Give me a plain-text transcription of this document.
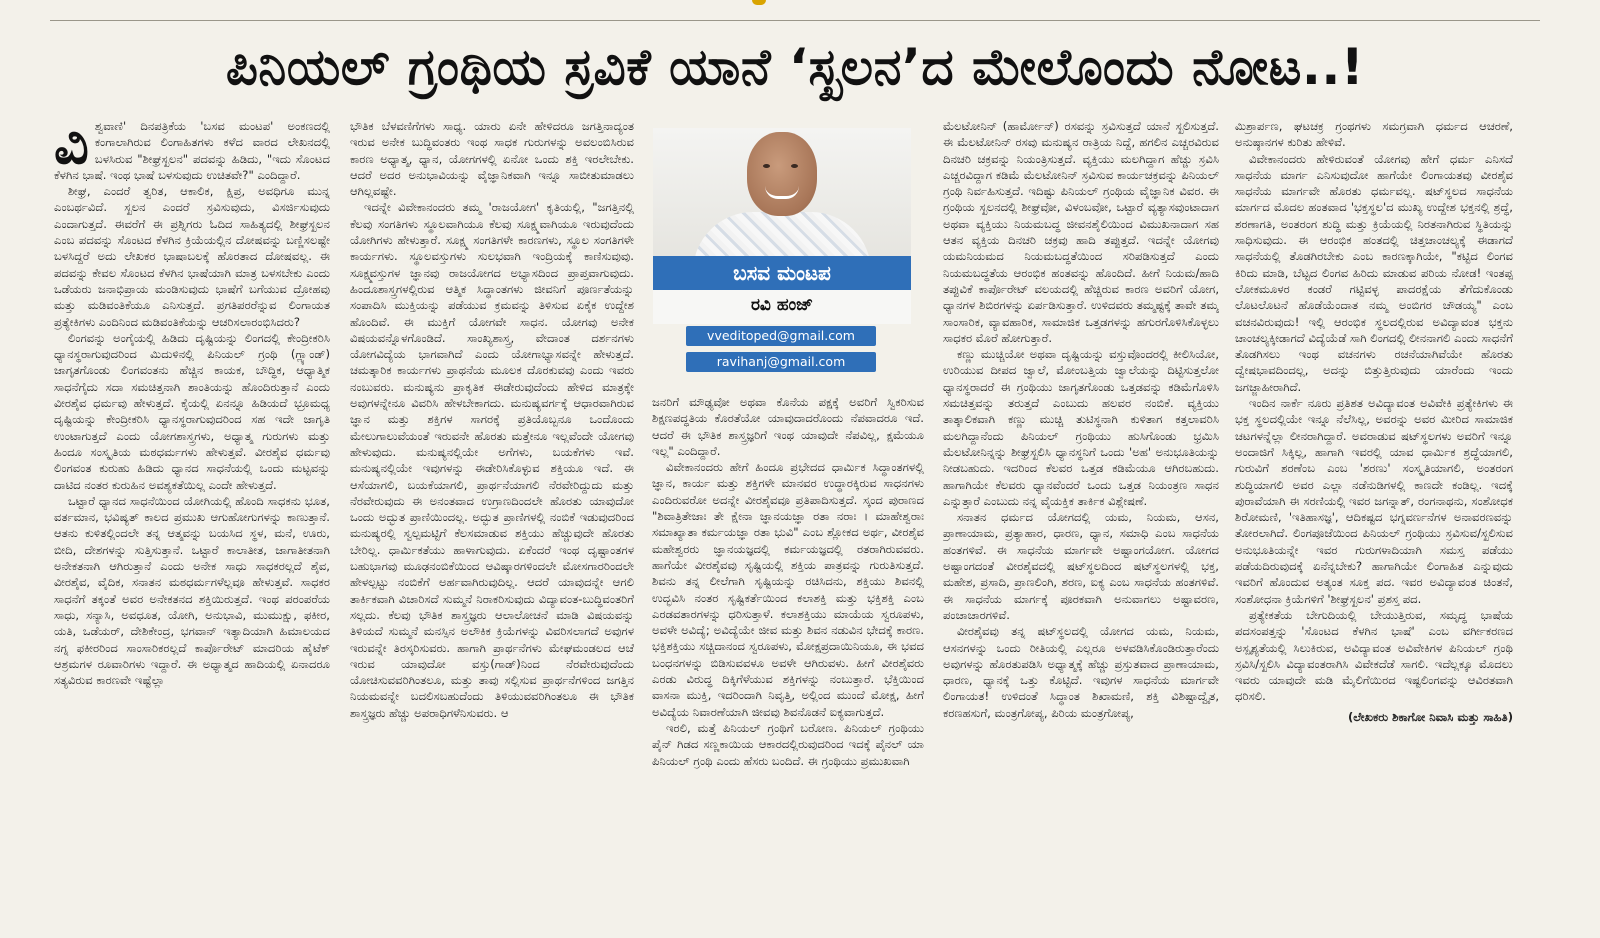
ಪಿನಿಯಲ್ ಗ್ರಂಥಿಯ ಸ್ರವಿಕೆ ಯಾನೆ ‘ಸ್ಖಲನ’ದ ಮೇಲೊಂದು ನೋಟ..!

ವಿಶ್ವವಾಣಿ' ದಿನಪತ್ರಿಕೆಯ 'ಬಸವ ಮಂಟಪ' ಅಂಕಣದಲ್ಲಿ ಕಂಗಾಲಾಗಿರುವ ಲಿಂಗಾಹಿತಗಳು ಕಳೆದ ವಾರದ ಲೇಖನದಲ್ಲಿ ಬಳಸಿರುವ "ಶೀಘ್ರಸ್ಖಲನ" ಪದವನ್ನು ಹಿಡಿದು, "ಇದು ಸೊಂಟದ ಕೆಳಗಿನ ಭಾಷೆ. ಇಂಥ ಭಾಷೆ ಬಳಸುವುದು ಉಚಿತವೇ?" ಎಂದಿದ್ದಾರೆ.

ಶೀಘ್ರ, ಎಂದರೆ ತ್ವರಿತ, ಆಕಾಲಿಕ, ಕ್ಷಿಪ್ರ, ಅವಧಿಗೂ ಮುನ್ನ ಎಂಬರ್ಥವಿದೆ. ಸ್ಖಲನ ಎಂದರೆ ಸ್ರವಿಸುವುದು, ವಿಸರ್ಜಿಸುವುದು ಎಂದಾಗುತ್ತದೆ. ಈವರೆಗೆ ಈ ಪ್ರಶ್ನಿಗರು ಓದಿದ ಸಾಹಿತ್ಯದಲ್ಲಿ ಶೀಘ್ರಸ್ಖಲನ ಎಂಬ ಪದವನ್ನು ಸೊಂಟದ ಕೆಳಗಿನ ಕ್ರಿಯೆಯಲ್ಲಿನ ದೋಷವನ್ನು ಬಣ್ಣಿಸಲಷ್ಟೇ ಬಳಸಿದ್ದರೆ ಅದು ಲೇಖಕರ ಭಾಷಾಬಲಕ್ಕೆ ಹೊರತಾದ ದೋಷವಲ್ಲ. ಈ ಪದವನ್ನು ಕೇವಲ ಸೊಂಟದ ಕೆಳಗಿನ ಭಾಷೆಯಾಗಿ ಮಾತ್ರ ಬಳಸಬೇಕು ಎಂದು ಒಡೆಯರು ಜನಾಭಿಪ್ರಾಯ ಮಂಡಿಸುವುದು ಭಾಷೆಗೆ ಬಗೆಯುವ ದ್ರೋಹವು ಮತ್ತು ಮಡಿವಂತಿಕೆಯೂ ಎನಿಸುತ್ತದೆ. ಪ್ರಗತಿಪರರೆನ್ನುವ ಲಿಂಗಾಯತ ಪ್ರತ್ಯೇಕಿಗಳು ಎಂದಿನಿಂದ ಮಡಿವಂತಿಕೆಯನ್ನು ಆಚರಿಸಲಾರಂಭಿಸಿದರು?

ಲಿಂಗವನ್ನು ಅಂಗೈಯಲ್ಲಿ ಹಿಡಿದು ದೃಷ್ಟಿಯನ್ನು ಲಿಂಗದಲ್ಲಿ ಕೇಂದ್ರೀಕರಿಸಿ ಧ್ಯಾನಸ್ಥರಾಗುವುದರಿಂದ ಮಿದುಳಿನಲ್ಲಿ ಪಿನಿಯಲ್ ಗ್ರಂಥಿ (ಗ್ಲ್ಯಾಂಡ್) ಜಾಗೃತಗೊಂಡು ಲಿಂಗವಂತನು ಹೆಚ್ಚಿನ ಕಾಯಕ, ಬೌದ್ಧಿಕ, ಆಧ್ಯಾತ್ಮಿಕ ಸಾಧನೆಗೈದು ಸದಾ ಸಮಚಿತ್ತನಾಗಿ ಶಾಂತಿಯನ್ನು ಹೊಂದಿರುತ್ತಾನೆ ಎಂದು ವೀರಶೈವ ಧರ್ಮವು ಹೇಳುತ್ತದೆ. ಕೈಯಲ್ಲಿ ಏನನ್ನೂ ಹಿಡಿಯದೆ ಭ್ರೂಮಧ್ಯ ದೃಷ್ಟಿಯನ್ನು ಕೇಂದ್ರೀಕರಿಸಿ ಧ್ಯಾನಸ್ಥರಾಗುವುದರಿಂದ ಸಹ ಇದೇ ಜಾಗೃತಿ ಉಂಟಾಗುತ್ತದೆ ಎಂದು ಯೋಗಶಾಸ್ತ್ರಗಳು, ಅಧ್ಯಾತ್ಮ ಗುರುಗಳು ಮತ್ತು ಹಿಂದೂ ಸಂಸ್ಕೃತಿಯ ಮಠಧರ್ಮಗಳು ಹೇಳುತ್ತವೆ. ವೀರಶೈವ ಧರ್ಮವು ಲಿಂಗವಂತ ಕುರುಹು ಹಿಡಿದು ಧ್ಯಾನದ ಸಾಧನೆಯಲ್ಲಿ ಒಂದು ಮಟ್ಟವನ್ನು ದಾಟಿದ ನಂತರ ಕುರುಹಿನ ಅವಶ್ಯಕತೆಯಿಲ್ಲ ಎಂದೇ ಹೇಳುತ್ತದೆ.

ಒಟ್ಟಾರೆ ಧ್ಯಾನದ ಸಾಧನೆಯಿಂದ ಯೋಗಿಯಲ್ಲಿ ಹೊಂದಿ ಸಾಧಕನು ಭೂತ, ವರ್ತಮಾನ, ಭವಿಷ್ಯತ್ ಕಾಲದ ಪ್ರಮುಖ ಆಗುಹೋಗುಗಳನ್ನು ಕಾಣುತ್ತಾನೆ. ಆತನು ಕುಳಿತಲ್ಲಿಂದಲೇ ತನ್ನ ಆತ್ಮವನ್ನು ಬಯಸಿದ ಸ್ಥಳ, ಮನೆ, ಊರು, ಬೀದಿ, ದೇಶಗಳನ್ನು ಸುತ್ತಿಸುತ್ತಾನೆ. ಒಟ್ಟಾರೆ ಕಾಲಾತೀತ, ಜಾಗಾತೀತನಾಗಿ ಅನೇಕತನಾಗಿ ಆಗಿರುತ್ತಾನೆ ಎಂದು ಅನೇಕ ಸಾಧು ಸಾಧಕರಲ್ಲದೆ ಶೈವ, ವೀರಶೈವ, ವೈದಿಕ, ಸನಾತನ ಮಠಧರ್ಮಗಳೆಲ್ಲವೂ ಹೇಳುತ್ತವೆ. ಸಾಧಕರ ಸಾಧನೆಗೆ ತಕ್ಕಂತೆ ಅವರ ಅನೇಕತನದ ಶಕ್ತಿಯಿರುತ್ತದೆ. ಇಂಥ ಪರಂಪರೆಯ ಸಾಧು, ಸನ್ಯಾಸಿ, ಅವಧೂತ, ಯೋಗಿ, ಅನುಭಾವಿ, ಮುಮುಕ್ಷು, ಫಕೀರ, ಯತಿ, ಒಡೆಯರ್, ದೇಶಿಕೇಂದ್ರ, ಭಗವಾನ್ ಇತ್ಯಾದಿಯಾಗಿ ಹಿಮಾಲಯದ ನಗ್ನ ಫಕೀರರಿಂದ ಸಾಂಸಾರಿಕರಲ್ಲದೆ ಕಾರ್ಪೊರೇಟ್ ಮಾದರಿಯ ಹೈಟೆಕ್ ಆಶ್ರಮಗಳ ರೂವಾರಿಗಳು ಇದ್ದಾರೆ. ಈ ಅಧ್ಯಾತ್ಮದ ಹಾದಿಯಲ್ಲಿ ಏನಾದರೂ ಸತ್ಯವಿರುವ ಕಾರಣವೇ ಇಷ್ಟೆಲ್ಲಾ

ಭೌತಿಕ ಬೆಳವಣಿಗೆಗಳು ಸಾಧ್ಯ. ಯಾರು ಏನೇ ಹೇಳಿದರೂ ಜಗತ್ತಿನಾದ್ಯಂತ ಇರುವ ಅನೇಕ ಬುದ್ಧಿವಂತರು ಇಂಥ ಸಾಧಕ ಗುರುಗಳನ್ನು ಅವಲಂಬಿಸಿರುವ ಕಾರಣ ಅಧ್ಯಾತ್ಮ, ಧ್ಯಾನ, ಯೋಗಗಳಲ್ಲಿ ಏನೋ ಒಂದು ಶಕ್ತಿ ಇರಲೇಬೇಕು. ಆದರೆ ಅದರ ಅನುಭಾವಿಯನ್ನು ವೈಜ್ಞಾನಿಕವಾಗಿ ಇನ್ನೂ ಸಾಬೀತುಮಾಡಲು ಆಗಿಲ್ಲವಷ್ಟೇ.

ಇದನ್ನೇ ವಿವೇಕಾನಂದರು ತಮ್ಮ 'ರಾಜಯೋಗ' ಕೃತಿಯಲ್ಲಿ, "ಜಗತ್ತಿನಲ್ಲಿ ಕೆಲವು ಸಂಗತಿಗಳು ಸ್ಥೂಲವಾಗಿಯೂ ಕೆಲವು ಸೂಕ್ಷ್ಮವಾಗಿಯೂ ಇರುವುದೆಂದು ಯೋಗಿಗಳು ಹೇಳುತ್ತಾರೆ. ಸೂಕ್ಷ್ಮ ಸಂಗತಿಗಳೇ ಕಾರಣಗಳು, ಸ್ಥೂಲ ಸಂಗತಿಗಳೇ ಕಾರ್ಯಗಳು. ಸ್ಥೂಲವಸ್ತುಗಳು ಸುಲಭವಾಗಿ ಇಂದ್ರಿಯಕ್ಕೆ ಕಾಣಿಸುವುವು. ಸೂಕ್ಷ್ಮವಸ್ತುಗಳ ಜ್ಞಾನವು ರಾಜಯೋಗದ ಅಭ್ಯಾಸದಿಂದ ಪ್ರಾಪ್ತವಾಗುವುದು. ಹಿಂದೂಶಾಸ್ತ್ರಗಳಲ್ಲಿರುವ ಆತ್ಮಿಕ ಸಿದ್ಧಾಂತಗಳು ಜೀವನಿಗೆ ಪೂರ್ಣತೆಯನ್ನು ಸಂಪಾದಿಸಿ ಮುಕ್ತಿಯನ್ನು ಪಡೆಯುವ ಕ್ರಮವನ್ನು ತಿಳಿಸುವ ಏಕೈಕ ಉದ್ದೇಶ ಹೊಂದಿವೆ. ಈ ಮುಕ್ತಿಗೆ ಯೋಗವೇ ಸಾಧನ. ಯೋಗವು ಅನೇಕ ವಿಷಯವನ್ನೊಳಗೊಂಡಿದೆ. ಸಾಂಖ್ಯಶಾಸ್ತ್ರ, ವೇದಾಂತ ದರ್ಶನಗಳು ಯೋಗವಿದ್ಯೆಯ ಭಾಗವಾಗಿದೆ ಎಂದು ಯೋಗಾಭ್ಯಾಸವನ್ನೇ ಹೇಳುತ್ತದೆ. ಚಮತ್ಕಾರಿಕ ಕಾರ್ಯಗಳು ಪ್ರಾಥನೆಯ ಮೂಲಕ ದೊರಕುವವು ಎಂದು ಇವರು ನಂಬುವರು. ಮನುಷ್ಯನು ಪ್ರಾಕೃತಿಕ ಈಡೇರುವುದೆಂದು ಹೇಳಿದ ಮಾತ್ರಕ್ಕೇ ಅವುಗಳನ್ನೇನೂ ವಿವರಿಸಿ ಹೇಳಬೇಕಾಗದು. ಮನುಷ್ಯವರ್ಗಕ್ಕೆ ಆಧಾರವಾಗಿರುವ ಜ್ಞಾನ ಮತ್ತು ಶಕ್ತಿಗಳ ಸಾಗರಕ್ಕೆ ಪ್ರತಿಯೊಬ್ಬನೂ ಒಂದೊಂದು ಮೇಲುಗಾಲುವೆಯಂತೆ ಇರುವನೇ ಹೊರತು ಮತ್ತೇನೂ ಇಲ್ಲವೆಂದೇ ಯೋಗವು ಹೇಳುವುದು. ಮನುಷ್ಯನಲ್ಲಿಯೇ ಅಗೆಗಳು, ಬಯಕೆಗಳು ಇವೆ. ಮನುಷ್ಯನಲ್ಲಿಯೇ ಇವುಗಳನ್ನು ಈಡೇರಿಸಿಕೊಳ್ಳುವ ಶಕ್ತಿಯೂ ಇದೆ. ಈ ಆಸೆಯಾಗಲಿ, ಬಯಕೆಯಾಗಲಿ, ಪ್ರಾರ್ಥನೆಯಾಗಲಿ ನೆರವೇರಿದ್ದುದು ಮತ್ತು ನೆರವೇರುವುದು ಈ ಅನಂತವಾದ ಉಗ್ರಾಣದಿಂದಲೇ ಹೊರತು ಯಾವುದೋ ಒಂದು ಅದ್ಭುತ ಪ್ರಾಣಿಯಿಂದಲ್ಲ. ಅದ್ಭುತ ಪ್ರಾಣಿಗಳಲ್ಲಿ ನಂಬಿಕೆ ಇಡುವುದರಿಂದ ಮನುಷ್ಯರಲ್ಲಿ ಸ್ವಲ್ಪಮಟ್ಟಿಗೆ ಕೆಲಸಮಾಡುವ ಶಕ್ತಿಯು ಹೆಚ್ಚುವುದೇ ಹೊರತು ಬೇರಿಲ್ಲ. ಧಾರ್ಮಿಕತೆಯು ಹಾಳಾಗುವುದು. ಏಕೆಂದರೆ ಇಂಥ ದೃಷ್ಟಾಂತಗಳ ಬಹುಭಾಗವು ಮೂಢನಂಬಿಕೆಯಿಂದ ಆವಿಷ್ಕಾರಗಳಿಂದಲೇ ಮೋಸಗಾರರಿಂದಲೇ ಹೇಳಲ್ಪಟ್ಟು ನಂಬಿಕೆಗೆ ಅರ್ಹವಾಗಿರುವುದಿಲ್ಲ. ಆದರೆ ಯಾವುದನ್ನೇ ಆಗಲಿ ತಾರ್ಕಿಕವಾಗಿ ವಿಚಾರಿಸದೆ ಸುಮ್ಮನೆ ನಿರಾಕರಿಸುವುದು ವಿದ್ಯಾವಂತ-ಬುದ್ಧಿವಂತರಿಗೆ ಸಲ್ಲದು. ಕೆಲವು ಭೌತಿಕ ಶಾಸ್ತ್ರಜ್ಞರು ಆಲಾಲೋಚನೆ ಮಾಡಿ ವಿಷಯವನ್ನು ತಿಳಿಯದೆ ಸುಮ್ಮನೆ ಮನಸ್ಸಿನ ಅಲೌಕಿಕ ಕ್ರಿಯೆಗಳನ್ನು ವಿವರಿಸಲಾಗದೆ ಅವುಗಳ ಇರುವನ್ನೇ ತಿರಸ್ಕರಿಸುವರು. ಹಾಗಾಗಿ ಪ್ರಾರ್ಥನೆಗಳು ಮೇಘಮಂಡಲದ ಆಚೆ ಇರುವ ಯಾವುದೋ ವಸ್ತು(ಗಾಡ್)ನಿಂದ ನೆರವೇರುವುದೆಂದು ಯೋಚಿಸುವವರಿಗಿಂತಲೂ, ಮತ್ತು ತಾವು ಸಲ್ಲಿಸುವ ಪ್ರಾರ್ಥನೆಗಳಿಂದ ಜಗತ್ತಿನ ನಿಯಮವನ್ನೇ ಬದಲಿಸಬಹುದೆಂದು ತಿಳಿಯುವವರಿಗಿಂತಲೂ ಈ ಭೌತಿಕ ಶಾಸ್ತ್ರಜ್ಞರು ಹೆಚ್ಚು ಅಪರಾಧಿಗಳೆನಿಸುವರು. ಆ

ಬಸವ ಮಂಟಪ
ರವಿ ಹಂಜ್
vveditoped@gmail.com
ravihanj@gmail.com

ಜನರಿಗೆ ಮೌಢ್ಯವೋ ಅಥವಾ ಕೊನೆಯ ಪಕ್ಷಕ್ಕೆ ಅವರಿಗೆ ಸ್ವಿಕರಿಸುವ ಶಿಕ್ಷಣಪದ್ಧತಿಯ ಕೊರತೆಯೋ ಯಾವುದಾದರೊಂದು ನೆಪವಾದರೂ ಇದೆ. ಆದರೆ ಈ ಭೌತಿಕ ಶಾಸ್ತ್ರಜ್ಞರಿಗೆ ಇಂಥ ಯಾವುದೇ ನೆಪವಿಲ್ಲ, ಕ್ಷಮೆಯೂ ಇಲ್ಲ" ಎಂದಿದ್ದಾರೆ.

ವಿವೇಕಾನಂದರು ಹೇಗೆ ಹಿಂದೂ ಪ್ರಭೇದದ ಧಾರ್ಮಿಕ ಸಿದ್ಧಾಂತಗಳಲ್ಲಿ ಜ್ಞಾನ, ಕಾರ್ಯ ಮತ್ತು ಶಕ್ತಿಗಳೇ ಮಾನವರ ಉದ್ಧಾರಕ್ಕಿರುವ ಸಾಧನಗಳು ಎಂದಿರುವರೋ ಅದನ್ನೇ ವೀರಶೈವವೂ ಪ್ರತಿಪಾದಿಸುತ್ತದೆ. ಸ್ಕಂದ ಪುರಾಣದ "ಶಿವಾತ್ರಿತೇಜಾಃ ತೇ ಕ್ಷೇನಾ ಜ್ಞಾನಯಜ್ಞಾ ರತಾ ನರಾಃ । ಮಾಹೇಶ್ವರಾಃ ಸಮಾಖ್ಯಾತಾ ಕರ್ಮಯಜ್ಞಾ ರತಾ ಭುವಿ" ಎಂಬ ಶ್ಲೋಕದ ಅರ್ಥ, ವೀರಶೈವ ಮಹೇಶ್ವರರು ಜ್ಞಾನಯಜ್ಞದಲ್ಲಿ ಕರ್ಮಯಜ್ಞದಲ್ಲಿ ರತರಾಗಿರುವವರು. ಹಾಗೆಯೇ ವೀರಶೈವವು ಸೃಷ್ಟಿಯಲ್ಲಿ ಶಕ್ತಿಯ ಪಾತ್ರವನ್ನು ಗುರುತಿಸುತ್ತದೆ. ಶಿವನು ತನ್ನ ಲೀಲೆಗಾಗಿ ಸೃಷ್ಟಿಯನ್ನು ರಚಿಸಿದನು, ಶಕ್ತಿಯು ಶಿವನಲ್ಲಿ ಉದ್ಭವಿಸಿ ನಂತರ ಸೃಷ್ಟಿಕರ್ತೆಯಿಂದ ಕಲಾಶಕ್ತಿ ಮತ್ತು ಭಕ್ತಿಶಕ್ತಿ ಎಂಬ ಎರಡವತಾರಗಳನ್ನು ಧರಿಸುತ್ತಾಳೆ. ಕಲಾಶಕ್ತಿಯು ಮಾಯೆಯ ಸ್ವರೂಪಳು, ಅವಳೇ ಅವಿದ್ಯೆ; ಅವಿದ್ಯೆಯೇ ಜೀವ ಮತ್ತು ಶಿವನ ನಡುವಿನ ಭೇದಕ್ಕೆ ಕಾರಣ. ಭಕ್ತಿಶಕ್ತಿಯು ಸಚ್ಚಿದಾನಂದ ಸ್ವರೂಪಳು, ಮೋಕ್ಷಪ್ರದಾಯಿನಿಯೂ, ಈ ಭವದ ಬಂಧನಗಳನ್ನು ಬಿಡಿಸುವವಳೂ ಅವಳೇ ಆಗಿರುವಳು. ಹೀಗೆ ವೀರಶೈವರು ಎರಡು ವಿರುದ್ಧ ದಿಕ್ಕಿಗೆಳೆಯುವ ಶಕ್ತಿಗಳನ್ನು ನಂಬುತ್ತಾರೆ. ಭೆಕ್ತಿಯಿಂದ ವಾಸನಾ ಮುಕ್ತಿ, ಇದರಿಂದಾಗಿ ನಿವೃತ್ತಿ, ಅಲ್ಲಿಂದ ಮುಂದೆ ಮೋಕ್ಷ, ಹೀಗೆ ಅವಿದ್ಯೆಯ ನಿವಾರಣೆಯಾಗಿ ಜೀವವು ಶಿವನೊಡನೆ ಐಕ್ಯವಾಗುತ್ತದೆ.

ಇರಲಿ, ಮತ್ತೆ ಪಿನಿಯಲ್ ಗ್ರಂಥಿಗೆ ಬರೋಣ. ಪಿನಿಯಲ್ ಗ್ರಂಥಿಯು ಪೈನ್ ಗಿಡದ ಸಣ್ಣಕಾಯಿಯ ಆಕಾರದಲ್ಲಿರುವುದರಿಂದ ಇದಕ್ಕೆ ಪೈನಲ್ ಯಾ ಪಿನಿಯಲ್ ಗ್ರಂಥಿ ಎಂದು ಹೆಸರು ಬಂದಿದೆ. ಈ ಗ್ರಂಥಿಯು ಪ್ರಮುಖವಾಗಿ

ಮೆಲಟೋನಿನ್ (ಹಾರ್ಮೋನ್) ರಸವನ್ನು ಸ್ರವಿಸುತ್ತದೆ ಯಾನೆ ಸ್ಖಲಿಸುತ್ತದೆ. ಈ ಮೆಲಟೋನಿನ್ ರಸವು ಮನುಷ್ಯನ ರಾತ್ರಿಯ ನಿದ್ದೆ, ಹಗಲಿನ ಎಚ್ಚರವಿರುವ ದಿನಚರಿ ಚಕ್ರವನ್ನು ನಿಯಂತ್ರಿಸುತ್ತದೆ. ವ್ಯಕ್ತಿಯು ಮಲಗಿದ್ದಾಗ ಹೆಚ್ಚು ಸ್ರವಿಸಿ ಎಚ್ಚರವಿದ್ದಾಗ ಕಡಿಮೆ ಮೆಲಟೋನಿನ್ ಸ್ರವಿಸುವ ಕಾರ್ಯಚಕ್ರವನ್ನು ಪಿನಿಯಲ್ ಗ್ರಂಥಿ ನಿರ್ವಹಿಸುತ್ತದೆ. ಇದಿಷ್ಟು ಪಿನಿಯಲ್ ಗ್ರಂಥಿಯ ವೈಜ್ಞಾನಿಕ ವಿವರ. ಈ ಗ್ರಂಥಿಯ ಸ್ಖಲನದಲ್ಲಿ ಶೀಘ್ರವೋ, ವಿಳಂಬವೋ, ಒಟ್ಟಾರೆ ವ್ಯತ್ಯಾಸವುಂಟಾದಾಗ ಅಥವಾ ವ್ಯಕ್ತಿಯು ನಿಯಮಬದ್ಧ ಜೀವನಶೈಲಿಯಿಂದ ವಿಮುಖನಾದಾಗ ಸಹ ಆತನ ವ್ಯಕ್ತಿಯ ದಿನಚರಿ ಚಕ್ರವು ಹಾದಿ ತಪ್ಪುತ್ತದೆ. ಇದನ್ನೇ ಯೋಗವು ಯಮನಿಯಮದ ನಿಯಮಬದ್ಧತೆಯಿಂದ ಸರಿಪಡಿಸುತ್ತದೆ ಎಂದು ನಿಯಮಬದ್ಧತೆಯ ಆರಂಭಿಕ ಹಂತವನ್ನು ಹೊಂದಿದೆ. ಹೀಗೆ ನಿಯಮ/ಹಾದಿ ತಪ್ಪುವಿಕೆ ಕಾರ್ಪೊರೇಟ್ ವಲಯದಲ್ಲಿ ಹೆಚ್ಚಿರುವ ಕಾರಣ ಅವರಿಗೆ ಯೋಗ, ಧ್ಯಾನಗಳ ಶಿಬಿರಗಳನ್ನು ಏರ್ಪಡಿಸುತ್ತಾರೆ. ಉಳಿದವರು ತಮ್ಮಷ್ಟಕ್ಕೆ ತಾವೇ ತಮ್ಮ ಸಾಂಸಾರಿಕ, ವ್ಯಾವಹಾರಿಕ, ಸಾಮಾಜಿಕ ಒತ್ತಡಗಳನ್ನು ಹಗುರಗೊಳಿಸಿಕೊಳ್ಳಲು ಸಾಧಕರ ಮೊರೆ ಹೋಗುತ್ತಾರೆ.

ಕಣ್ಣು ಮುಚ್ಚಿಯೋ ಅಥವಾ ದೃಷ್ಟಿಯನ್ನು ವಸ್ತುವೊಂದರಲ್ಲಿ ಕೀಲಿಸಿಯೋ, ಉರಿಯುವ ದೀಪದ ಜ್ವಾಲೆ, ಮೋಂಬತ್ತಿಯ ಜ್ವಾಲೆಯನ್ನು ದಿಟ್ಟಿಸುತ್ತಲೋ ಧ್ಯಾನಸ್ಥರಾದರೆ ಈ ಗ್ರಂಥಿಯು ಜಾಗೃತಗೊಂಡು ಒತ್ತಡವನ್ನು ಕಡಿಮೆಗೊಳಿಸಿ ಸಮಚಿತ್ತವನ್ನು ತರುತ್ತದೆ ಎಂಬುದು ಹಲವರ ನಂಬಿಕೆ. ವ್ಯಕ್ತಿಯು ತಾತ್ಕಾಲಿಕವಾಗಿ ಕಣ್ಣು ಮುಚ್ಚಿ ತುಟಿಸ್ಥನಾಗಿ ಕುಳಿತಾಗ ಕತ್ತಲಾವರಿಸಿ ಮಲಗಿದ್ದಾನೆಂದು ಪಿನಿಯಲ್ ಗ್ರಂಥಿಯು ಹುಸಿಗೊಂಡು ಭ್ರಮಿಸಿ ಮೆಲಟೋನಿನ್ನನ್ನು ಶೀಘ್ರಸ್ಖಲಿಸಿ ಧ್ಯಾನಸ್ಥನಿಗೆ ಒಂದು 'ಅಹ' ಅನುಭೂತಿಯನ್ನು ನೀಡಬಹುದು. ಇದರಿಂದ ಕೆಲವರ ಒತ್ತಡ ಕಡಿಮೆಯೂ ಆಗಿರಬಹುದು. ಹಾಗಾಗಿಯೇ ಕೆಲವರು ಧ್ಯಾನವೆಂದರೆ ಒಂದು ಒತ್ತಡ ನಿಯಂತ್ರಣ ಸಾಧನ ಎನ್ನುತ್ತಾರೆ ಎಂಬುದು ನನ್ನ ವೈಯಕ್ತಿಕ ತಾರ್ಕಿಕ ವಿಶ್ಲೇಷಣೆ.

ಸನಾತನ ಧರ್ಮದ ಯೋಗದಲ್ಲಿ ಯಮ, ನಿಯಮ, ಆಸನ, ಪ್ರಾಣಾಯಾಮ, ಪ್ರತ್ಯಾಹಾರ, ಧಾರಣ, ಧ್ಯಾನ, ಸಮಾಧಿ ಎಂಬ ಸಾಧನೆಯ ಹಂತಗಳಿವೆ. ಈ ಸಾಧನೆಯ ಮಾರ್ಗವೇ ಅಷ್ಟಾಂಗಯೋಗ. ಯೋಗದ ಅಷ್ಟಾಂಗದಂತೆ ವೀರಶೈವದಲ್ಲಿ ಷಟ್‌ಸ್ಥಲದಿಂದ ಷಟ್‌ಸ್ಥಲಗಳಲ್ಲಿ ಭಕ್ತ, ಮಹೇಶ, ಪ್ರಸಾದಿ, ಪ್ರಾಣಲಿಂಗಿ, ಶರಣ, ಐಕ್ಯ ಎಂಬ ಸಾಧನೆಯ ಹಂತಗಳಿವೆ. ಈ ಸಾಧನೆಯ ಮಾರ್ಗಕ್ಕೆ ಪೂರಕವಾಗಿ ಅನುವಾಗಲು ಅಷ್ಟಾವರಣ, ಪಂಚಾಚಾರಗಳಿವೆ.

ವೀರಶೈವವು ತನ್ನ ಷಟ್‌ಸ್ಥಲದಲ್ಲಿ ಯೋಗದ ಯಮ, ನಿಯಮ, ಆಸನಗಳನ್ನು ಒಂದು ರೀತಿಯಲ್ಲಿ ಎಲ್ಲರೂ ಅಳವಡಿಸಿಕೊಂಡಿರುತ್ತಾರೆಂದು ಅವುಗಳನ್ನು ಹೊರತುಪಡಿಸಿ ಅಧ್ಯಾತ್ಮಕ್ಕೆ ಹೆಚ್ಚು ಪ್ರಸ್ತುತವಾದ ಪ್ರಾಣಾಯಾಮ, ಧಾರಣ, ಧ್ಯಾನಕ್ಕೆ ಒತ್ತು ಕೊಟ್ಟಿದೆ. ಇವುಗಳ ಸಾಧನೆಯ ಮಾರ್ಗವೇ ಲಿಂಗಾಯತ! ಉಳಿದಂತೆ ಸಿದ್ಧಾಂತ ಶಿಖಾಮಣಿ, ಶಕ್ತಿ ವಿಶಿಷ್ಟಾದ್ವೈತ, ಕರಣಹಸುಗೆ, ಮಂತ್ರಗೋಪ್ಯ, ಪಿರಿಯ ಮಂತ್ರಗೋಪ್ಯ,

ಮಿಶ್ರಾರ್ಪಣ, ಘಟಚಕ್ರ ಗ್ರಂಥಗಳು ಸಮಗ್ರವಾಗಿ ಧರ್ಮದ ಆಚರಣೆ, ಅನುಷ್ಠಾನಗಳ ಕುರಿತು ಹೇಳಿವೆ.

ವಿವೇಕಾನಂದರು ಹೇಳಿರುವಂತೆ ಯೋಗವು ಹೇಗೆ ಧರ್ಮ ಎನಿಸದೆ ಸಾಧನೆಯ ಮಾರ್ಗ ಎನಿಸುವುದೋ ಹಾಗೆಯೇ ಲಿಂಗಾಯತವು ವೀರಶೈವ ಸಾಧನೆಯ ಮಾರ್ಗವೇ ಹೊರತು ಧರ್ಮವಲ್ಲ. ಷಟ್‌ಸ್ಥಲದ ಸಾಧನೆಯ ಮಾರ್ಗದ ಮೊದಲ ಹಂತವಾದ 'ಭಕ್ತಸ್ಥಲ'ದ ಮುಖ್ಯ ಉದ್ದೇಶ ಭಕ್ತನಲ್ಲಿ ಶ್ರದ್ಧೆ, ಶರಣಾಗತಿ, ಅಂತರಂಗ ಶುದ್ಧಿ ಮತ್ತು ಕ್ರಿಯೆಯಲ್ಲಿ ನಿರತನಾಗಿರುವ ಸ್ಥಿತಿಯನ್ನು ಸಾಧಿಸುವುದು. ಈ ಆರಂಭಿಕ ಹಂತದಲ್ಲಿ ಚಿತ್ತಚಾಂಚಲ್ಯಕ್ಕೆ ಈಡಾಗದೆ ಸಾಧನೆಯಲ್ಲಿ ತೊಡಗಿರಬೇಕು ಎಂಬ ಕಾರಣಕ್ಕಾಗಿಯೇ, "ಕಟ್ಟಿದ ಲಿಂಗವ ಕಿರಿದು ಮಾಡಿ, ಬೆಟ್ಟದ ಲಿಂಗವ ಹಿರಿದು ಮಾಡುವ ಪರಿಯ ನೋಡ! ಇಂತಪ್ಪ ಲೋಕಮೂಳರ ಕಂಡರೆ ಗಟ್ಟಿವಳ್ಳ ಪಾದರಕ್ಷೆಯ ತೆಗೆದುಕೊಂಡು ಲೊಟಲೊಟನೆ ಹೊಡೆಯೆಂದಾತ ನಮ್ಮ ಅಂಬಿಗರ ಚೌಡಯ್ಯ" ಎಂಬ ವಚನವಿರುವುದು! ಇಲ್ಲಿ ಆರಂಭಿಕ ಸ್ಥಲದಲ್ಲಿರುವ ಅವಿದ್ಯಾವಂತ ಭಕ್ತನು ಚಾಂಚಲ್ಯಕ್ಕೀಡಾಗದೆ ವಿದ್ಯೆಯೆಡೆ ಸಾಗಿ ಲಿಂಗದಲ್ಲಿ ಲೀನನಾಗಲಿ ಎಂದು ಸಾಧನೆಗೆ ತೊಡಗಿಸಲು ಇಂಥ ವಚನಗಳು ರಚನೆಯಾಗಿವೆಯೇ ಹೊರತು ದ್ವೇಷಭಾವದಿಂದಲ್ಲ, ಅದನ್ನು ಬಿತ್ತುತ್ತಿರುವುದು ಯಾರೆಂದು ಇಂದು ಜಗಜ್ಜಾಹೀರಾಗಿದೆ.

ಇಂದಿನ ನಾರ್ಕೆ ನೂರು ಪ್ರತಿಶತ ಅವಿದ್ಯಾವಂತ ಅವಿವೇಕಿ ಪ್ರತ್ಯೇಕಿಗಳು ಈ ಭಕ್ತ ಸ್ಥಲದಲ್ಲಿಯೇ ಇನ್ನೂ ನೆಲೆಸಿಲ್ಲ, ಅವರನ್ನು ಅವರ ಮೀರಿದ ಸಾಮಾಜಿಕ ಚಟಗಳನ್ನೆಲ್ಲಾ ಲೀನರಾಗಿದ್ದಾರೆ. ಅವರಾಡುವ ಷಟ್‌ಸ್ಥಲಗಳು ಅವರಿಗೆ ಇನ್ನೂ ಅಂದಾಜಿಗೆ ಸಿಕ್ಕಿಲ್ಲ, ಹಾಗಾಗಿ ಇವರಲ್ಲಿ ಯಾವ ಧಾರ್ಮಿಕ ಶ್ರದ್ಧೆಯಾಗಲಿ, ಗುರುವಿಗೆ ಶರಣೆಂಬ ಎಂಬ 'ಶರಣು' ಸಂಸ್ಕೃತಿಯಾಗಲಿ, ಅಂತರಂಗ ಶುದ್ಧಿಯಾಗಲಿ ಅವರ ಎಲ್ಲಾ ನಡೆನುಡಿಗಳಲ್ಲಿ ಕಾಣದೇ ಕಂಡಿಲ್ಲ. ಇದಕ್ಕೆ ಪುರಾವೆಯಾಗಿ ಈ ಸರಣಿಯಲ್ಲಿ ಇವರ ಜಗನ್ನಾತ್, ರಂಗನಾಥನು, ಸಂಶೋಧಕ ಶಿರೋಮಣಿ, 'ಇತಿಹಾಸಜ್ಞ', ಆದಿಕಷ್ಟದ ಭಗ್ನವರ್ಣನೆಗಳ ಅನಾವರಣವನ್ನು ತೋರಲಾಗಿದೆ. ಲಿಂಗಪೂಜೆಯಿಂದ ಪಿನಿಯಲ್ ಗ್ರಂಥಿಯು ಸ್ರವಿಸುವ/ಸ್ಖಲಿಸುವ ಅನುಭೂತಿಯನ್ನೇ ಇವರ ಗುರುಗಳಾದಿಯಾಗಿ ಸಮಸ್ತ ಪಡೆಯು ಪಡೆಯದಿರುವುದಕ್ಕೆ ಏನೆನ್ನಬೇಕು? ಹಾಗಾಗಿಯೇ ಲಿಂಗಾಹಿತ ಎನ್ನುವುದು ಇವರಿಗೆ ಹೊಂದುವ ಅತ್ಯಂತ ಸೂಕ್ತ ಪದ. ಇವರ ಅವಿದ್ಯಾವಂತ ಚಿಂತನೆ, ಸಂಶೋಧನಾ ಕ್ರಿಯೆಗಳಿಗೆ 'ಶೀಘ್ರಸ್ಖಲನ' ಪ್ರಶಸ್ತ ಪದ.

ಪ್ರತ್ಯೇಕತೆಯ ಬೇಗುದಿಯಲ್ಲಿ ಬೇಯುತ್ತಿರುವ, ಸಮೃದ್ಧ ಭಾಷೆಯ ಪದಸಂಪತ್ತನ್ನು 'ಸೊಂಟದ ಕೆಳಗಿನ ಭಾಷೆ' ಎಂಬ ವರ್ಗೀಕರಣದ ಅಸ್ಪೃಶ್ಯತೆಯಲ್ಲಿ ಸಿಲುಕಿರುವ, ಅವಿದ್ಯಾವಂತ ಅವಿವೇಕಿಗಳ ಪಿನಿಯಲ್ ಗ್ರಂಥಿ ಸ್ರವಿಸಿ/ಸ್ಖಲಿಸಿ ವಿದ್ಯಾವಂತರಾಗಿಸಿ ವಿವೇಕದೆಡೆ ಸಾಗಲಿ. ಇದೆಲ್ಲಕ್ಕೂ ಮೊದಲು ಇವರು ಯಾವುದೇ ಮಡಿ ಮೈಲಿಗೆಯಿರದ ಇಷ್ಟಲಿಂಗವನ್ನು ಆವಿರತವಾಗಿ ಧರಿಸಲಿ.

(ಲೇಖಕರು ಶಿಕಾಗೋ ನಿವಾಸಿ ಮತ್ತು ಸಾಹಿತಿ)
